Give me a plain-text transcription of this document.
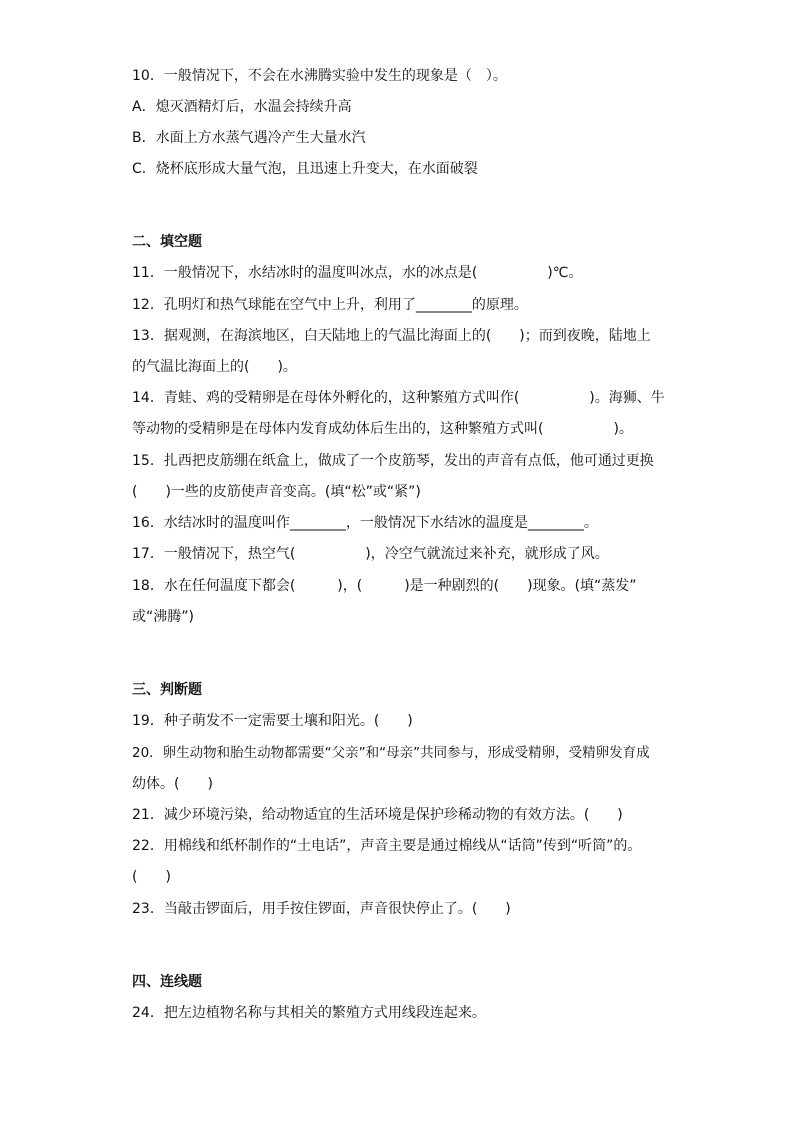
10．一般情况下，不会在水沸腾实验中发生的现象是（　）。
A．熄灭酒精灯后，水温会持续升高
B．水面上方水蒸气遇冷产生大量水汽
C．烧杯底形成大量气泡，且迅速上升变大，在水面破裂
二、填空题
11．一般情况下，水结冰时的温度叫冰点，水的冰点是(　　　　　)℃。
12．孔明灯和热气球能在空气中上升，利用了________的原理。
13．据观测，在海滨地区，白天陆地上的气温比海面上的(　　)；而到夜晚，陆地上
的气温比海面上的(　　)。
14．青蛙、鸡的受精卵是在母体外孵化的，这种繁殖方式叫作(　　　　　)。海狮、牛
等动物的受精卵是在母体内发育成幼体后生出的，这种繁殖方式叫(　　　　　)。
15．扎西把皮筋绷在纸盒上，做成了一个皮筋琴，发出的声音有点低，他可通过更换
(　　)一些的皮筋使声音变高。(填“松”或“紧”)
16．水结冰时的温度叫作________，一般情况下水结冰的温度是________。
17．一般情况下，热空气(　　　　　)，冷空气就流过来补充，就形成了风。
18．水在任何温度下都会(　　　)，(　　　)是一种剧烈的(　　)现象。(填“蒸发”
或“沸腾”)
三、判断题
19．种子萌发不一定需要土壤和阳光。(　　)
20．卵生动物和胎生动物都需要“父亲”和“母亲”共同参与，形成受精卵，受精卵发育成
幼体。(　　)
21．减少环境污染，给动物适宜的生活环境是保护珍稀动物的有效方法。(　　)
22．用棉线和纸杯制作的“土电话”，声音主要是通过棉线从“话筒”传到“听筒”的。
(　　)
23．当敲击锣面后，用手按住锣面，声音很快停止了。(　　)
四、连线题
24．把左边植物名称与其相关的繁殖方式用线段连起来。
